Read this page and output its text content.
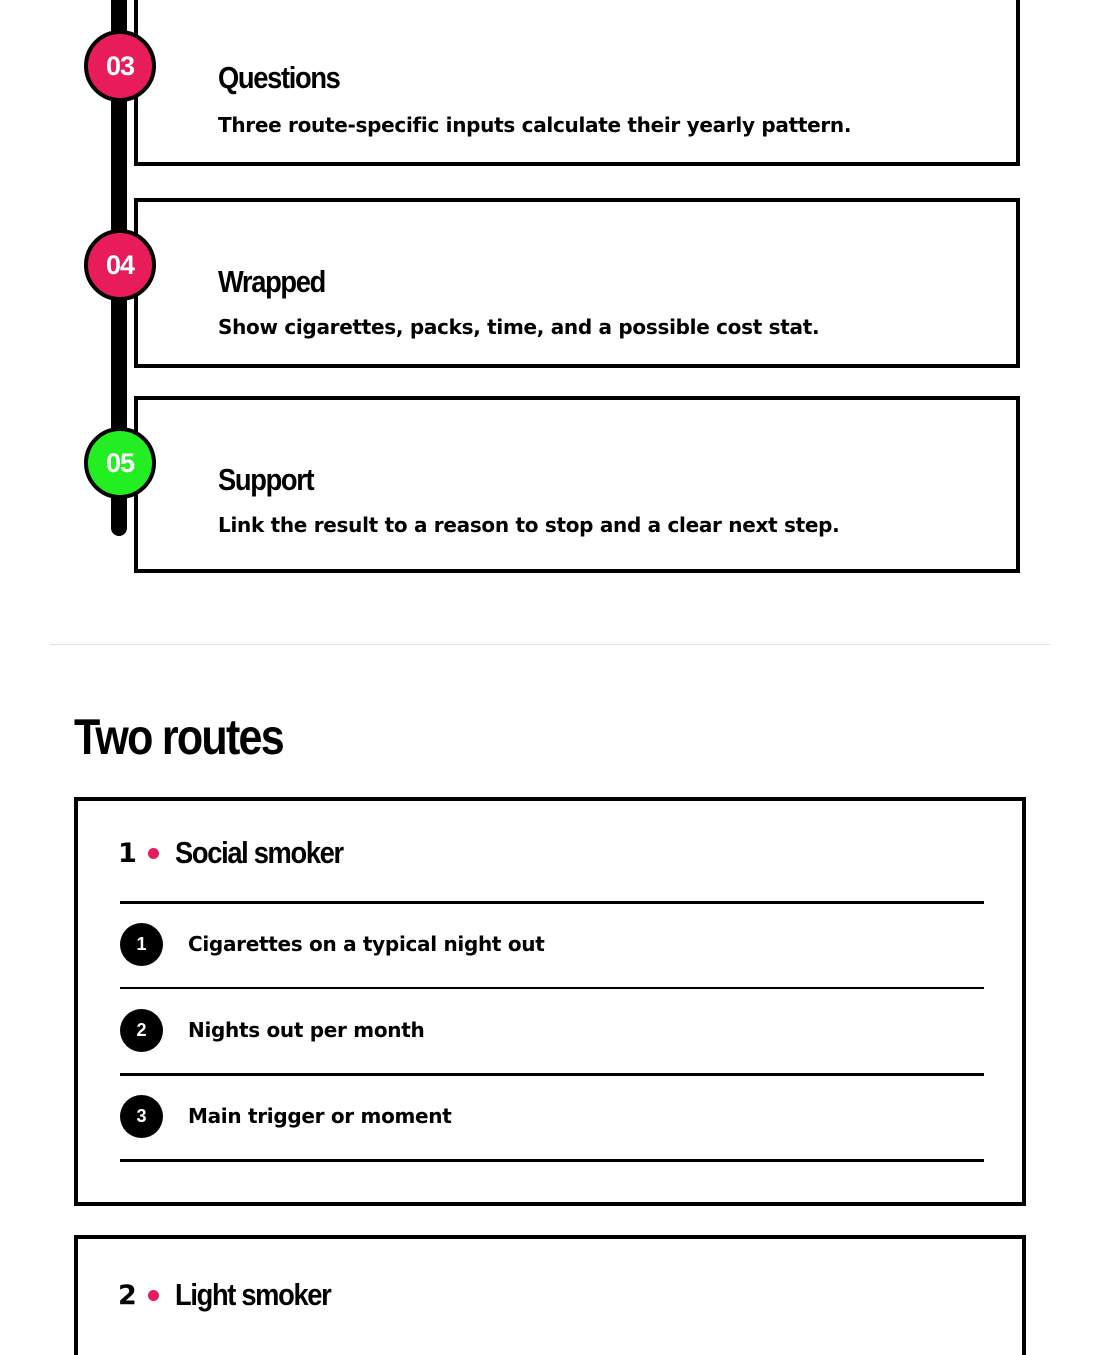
03	Questions

Three route-specific inputs calculate their yearly pattern.

04	Wrapped

Show cigarettes, packs, time, and a possible cost stat.

05	Support

Link the result to a reason to stop and a clear next step.

Two routes
1	Social smoker
1	Cigarettes on a typical night out
2	Nights out per month
3	Main trigger or moment
2	Light smoker
